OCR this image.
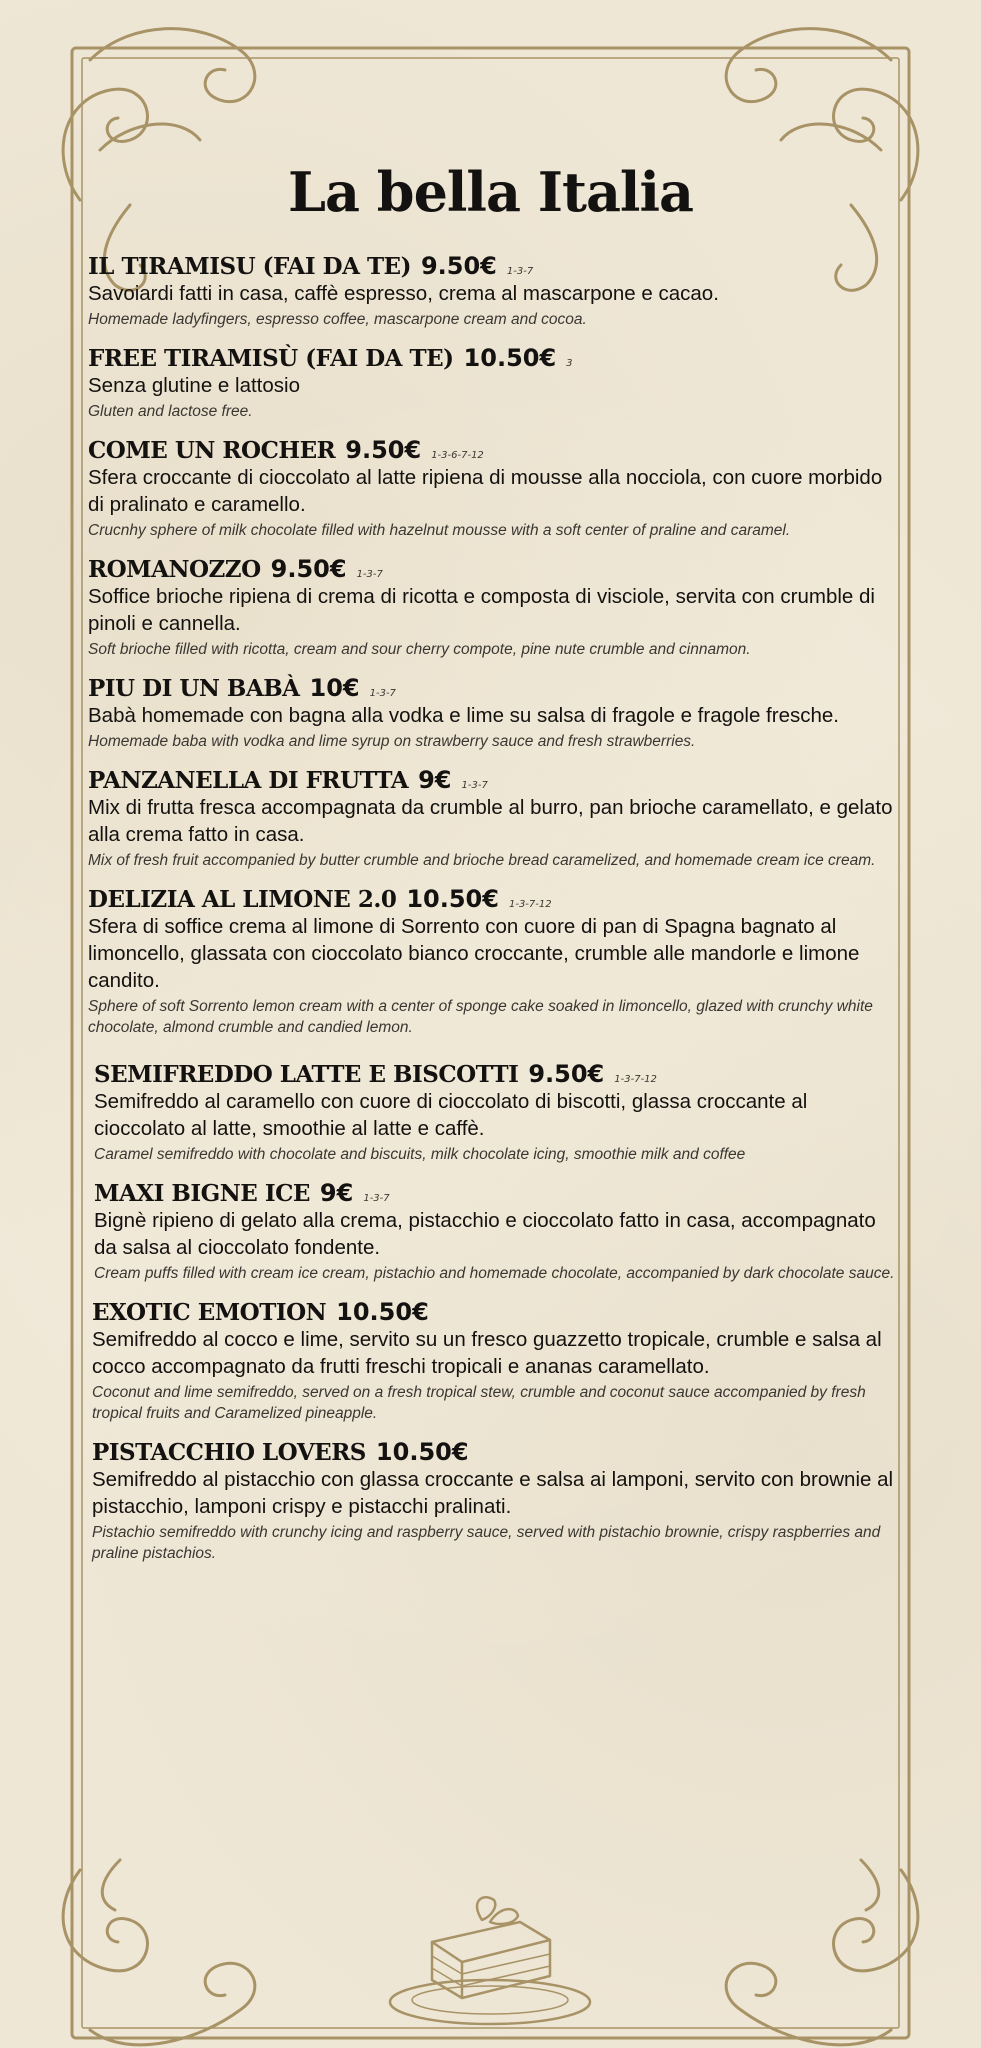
La bella Italia
IL TIRAMISU (FAI DA TE) 9.50€ 1-3-7

Savoiardi fatti in casa, caffè espresso, crema al mascarpone e cacao.

Homemade ladyfingers, espresso coffee, mascarpone cream and cocoa.

FREE TIRAMISÙ (FAI DA TE) 10.50€ 3

Senza glutine e lattosio

Gluten and lactose free.

COME UN ROCHER 9.50€ 1-3-6-7-12

Sfera croccante di cioccolato al latte ripiena di mousse alla nocciola, con cuore morbido di pralinato e caramello.

Crucnhy sphere of milk chocolate filled with hazelnut mousse with a soft center of praline and caramel.

ROMANOZZO 9.50€ 1-3-7

Soffice brioche ripiena di crema di ricotta e composta di visciole, servita con crumble di pinoli e cannella.

Soft brioche filled with ricotta, cream and sour cherry compote, pine nute crumble and cinnamon.

PIU DI UN BABÀ 10€ 1-3-7

Babà homemade con bagna alla vodka e lime su salsa di fragole e fragole fresche.

Homemade baba with vodka and lime syrup on strawberry sauce and fresh strawberries.

PANZANELLA DI FRUTTA 9€ 1-3-7

Mix di frutta fresca accompagnata da crumble al burro, pan brioche caramellato, e gelato alla crema fatto in casa.

Mix of fresh fruit accompanied by butter crumble and brioche bread caramelized, and homemade cream ice cream.

DELIZIA AL LIMONE 2.0 10.50€ 1-3-7-12

Sfera di soffice crema al limone di Sorrento con cuore di pan di Spagna bagnato al limoncello, glassata con cioccolato bianco croccante, crumble alle mandorle e limone candito.

Sphere of soft Sorrento lemon cream with a center of sponge cake soaked in limoncello, glazed with crunchy white chocolate, almond crumble and candied lemon.

SEMIFREDDO LATTE E BISCOTTI 9.50€ 1-3-7-12

Semifreddo al caramello con cuore di cioccolato di biscotti, glassa croccante al cioccolato al latte, smoothie al latte e caffè.

Caramel semifreddo with chocolate and biscuits, milk chocolate icing, smoothie milk and coffee

MAXI BIGNE ICE 9€ 1-3-7

Bignè ripieno di gelato alla crema, pistacchio e cioccolato fatto in casa, accompagnato da salsa al cioccolato fondente.

Cream puffs filled with cream ice cream, pistachio and homemade chocolate, accompanied by dark chocolate sauce.

EXOTIC EMOTION 10.50€

Semifreddo al cocco e lime, servito su un fresco guazzetto tropicale, crumble e salsa al cocco accompagnato da frutti freschi tropicali e ananas caramellato.

Coconut and lime semifreddo, served on a fresh tropical stew, crumble and coconut sauce accompanied by fresh tropical fruits and Caramelized pineapple.

PISTACCHIO LOVERS 10.50€

Semifreddo al pistacchio con glassa croccante e salsa ai lamponi, servito con brownie al pistacchio, lamponi crispy e pistacchi pralinati.

Pistachio semifreddo with crunchy icing and raspberry sauce, served with pistachio brownie, crispy raspberries and praline pistachios.
